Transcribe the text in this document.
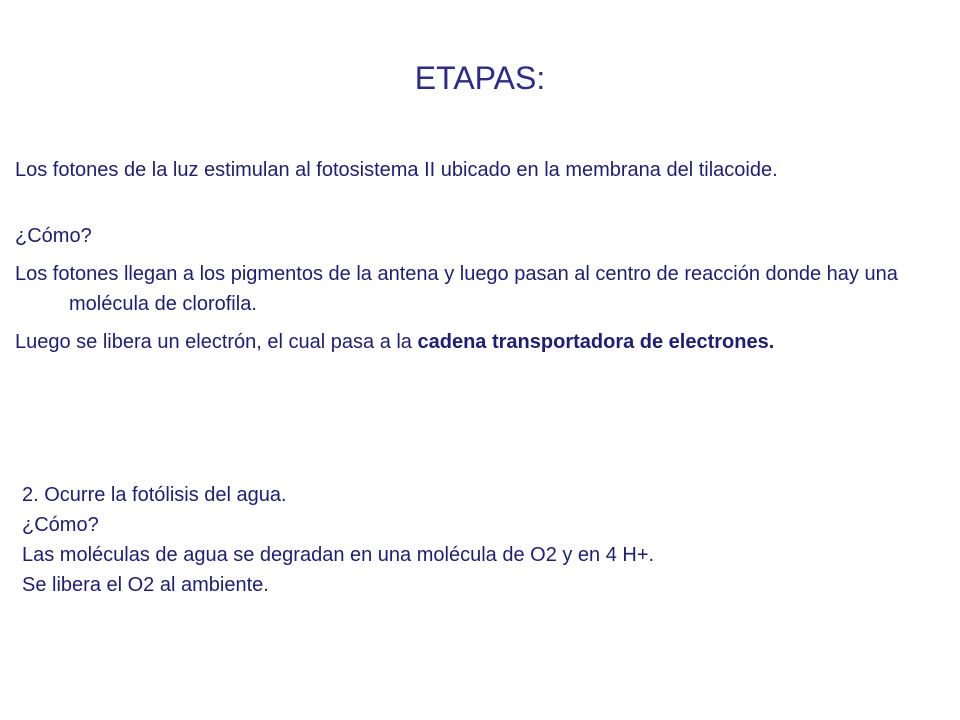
ETAPAS:

Los fotones de la luz estimulan al fotosistema II ubicado en la membrana del tilacoide.

¿Cómo?

Los fotones llegan a los pigmentos de la antena y luego pasan al centro de reacción donde hay una molécula de clorofila.

Luego se libera un electrón, el cual pasa a la cadena transportadora de electrones.

2. Ocurre la fotólisis del agua.

¿Cómo?

Las moléculas de agua se degradan en una molécula de O2 y en 4 H+.

Se libera el O2 al ambiente.
